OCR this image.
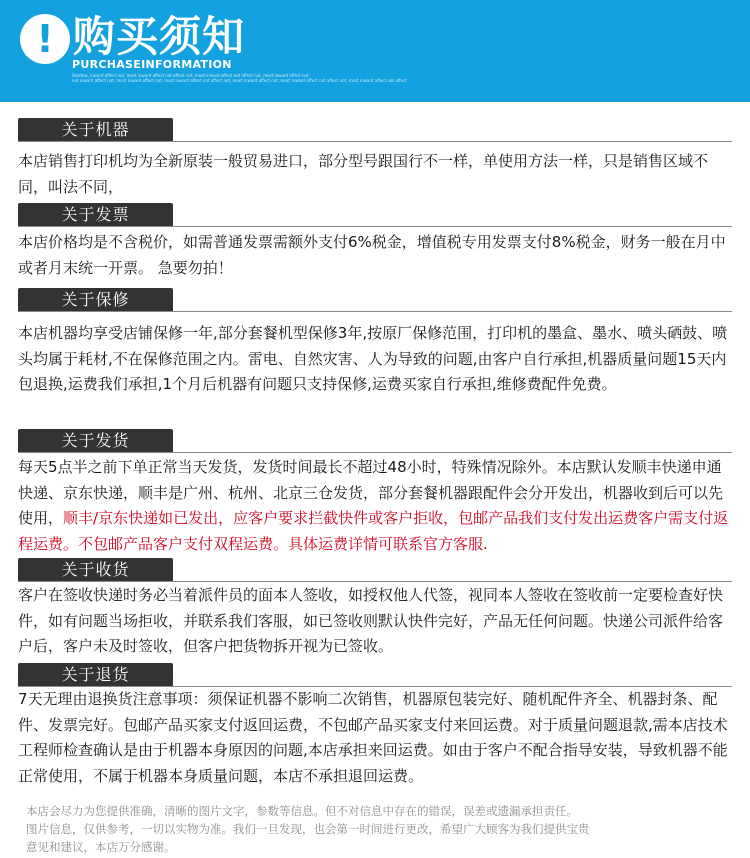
! 购买须知
PURCHASEINFORMATION
Shallow, inward affect not, most inward affect not affect not, most inward affect not affect not, most inward affect not
not inward affect not, most inward affect not, most inward affect not affect not, most inward affect not, most inward affect not affect not, most inward affect not affect
关于机器
本店销售打印机均为全新原装一般贸易进口，部分型号跟国行不一样，单使用方法一样，只是销售区域不同，叫法不同，
关于发票
本店价格均是不含税价，如需普通发票需额外支付6%税金，增值税专用发票支付8%税金，财务一般在月中或者月末统一开票。 急要勿拍！
关于保修
本店机器均享受店铺保修一年,部分套餐机型保修3年,按原厂保修范围，打印机的墨盒、墨水、喷头硒鼓、喷头均属于耗材,不在保修范围之内。雷电、自然灾害、人为导致的问题,由客户自行承担,机器质量问题15天内包退换,运费我们承担,1个月后机器有问题只支持保修,运费买家自行承担,维修费配件免费。
关于发货
每天5点半之前下单正常当天发货，发货时间最长不超过48小时，特殊情况除外。本店默认发顺丰快递申通快递、京东快递，顺丰是广州、杭州、北京三仓发货，部分套餐机器跟配件会分开发出，机器收到后可以先使用，顺丰/京东快递如已发出，应客户要求拦截快件或客户拒收，包邮产品我们支付发出运费客户需支付返程运费。不包邮产品客户支付双程运费。具体运费详情可联系官方客服.
关于收货
客户在签收快递时务必当着派件员的面本人签收，如授权他人代签，视同本人签收在签收前一定要检查好快件，如有问题当场拒收，并联系我们客服，如已签收则默认快件完好，产品无任何问题。快递公司派件给客户后，客户未及时签收，但客户把货物拆开视为已签收。
关于退货
7天无理由退换货注意事项：须保证机器不影响二次销售，机器原包装完好、随机配件齐全、机器封条、配件、发票完好。包邮产品买家支付返回运费，不包邮产品买家支付来回运费。对于质量问题退款,需本店技术工程师检查确认是由于机器本身原因的问题,本店承担来回运费。如由于客户不配合指导安装，导致机器不能正常使用，不属于机器本身质量问题，本店不承担退回运费。
本店会尽力为您提供准确，清晰的图片文字，参数等信息。但不对信息中存在的错误，误差或遗漏承担责任。
图片信息，仅供参考，一切以实物为准。我们一旦发现，也会第一时间进行更改，希望广大顾客为我们提供宝贵
意见和建议，本店万分感谢。
